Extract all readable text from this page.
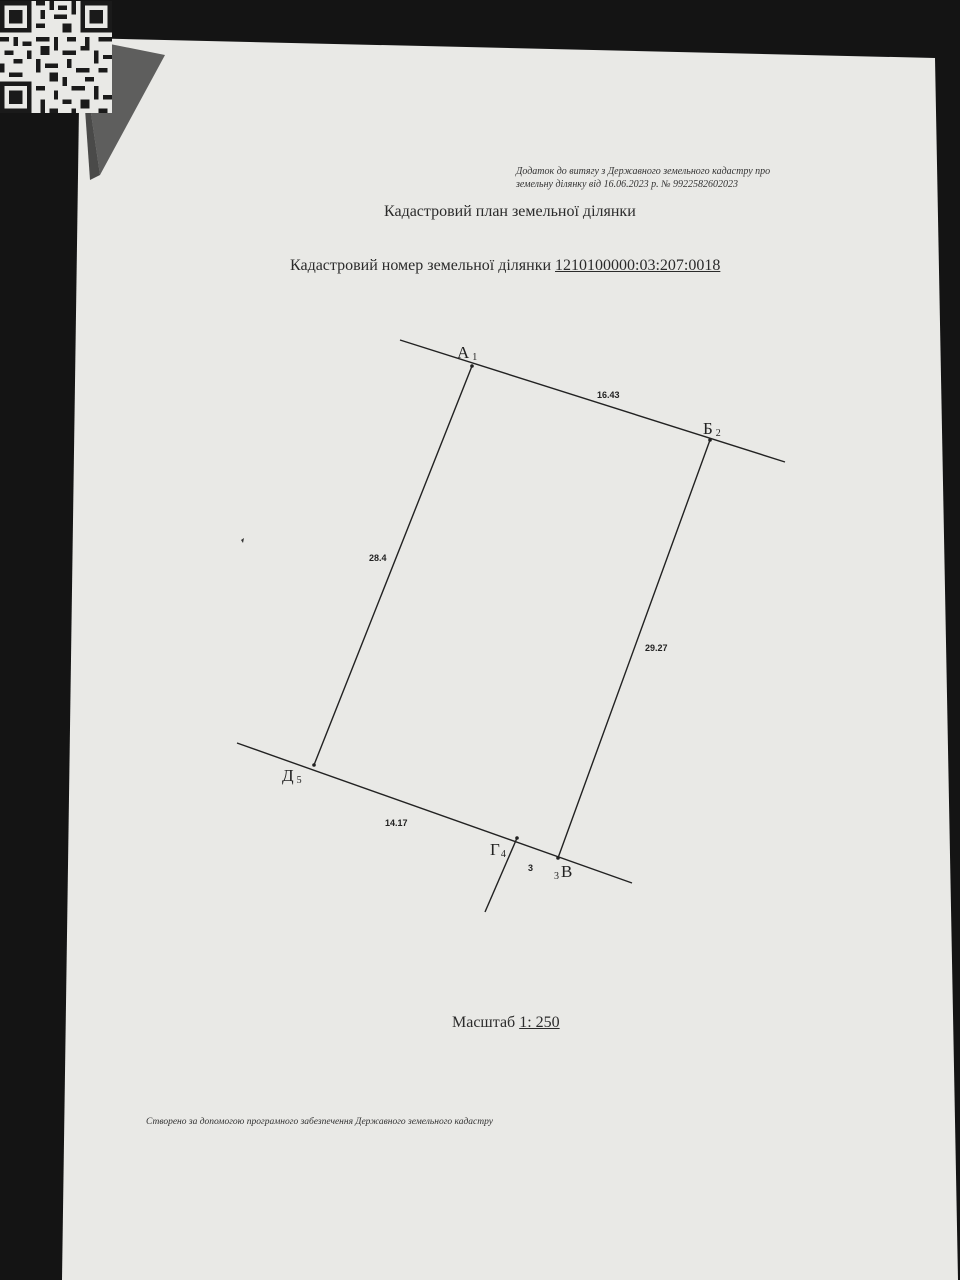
Додаток до витягу з Державного земельного кадастру про
земельну ділянку від 16.06.2023 р. № 9922582602023
Кадастровий план земельної ділянки
Кадастровий номер земельної ділянки 1210100000:03:207:0018
А $_1$
Б $_2$
$_3$ В
$Г_4$
Д $_5$
16.43
29.27
3
14.17
28.4
Масштаб 1: 250
Створено за допомогою програмного забезпечення Державного земельного кадастру
